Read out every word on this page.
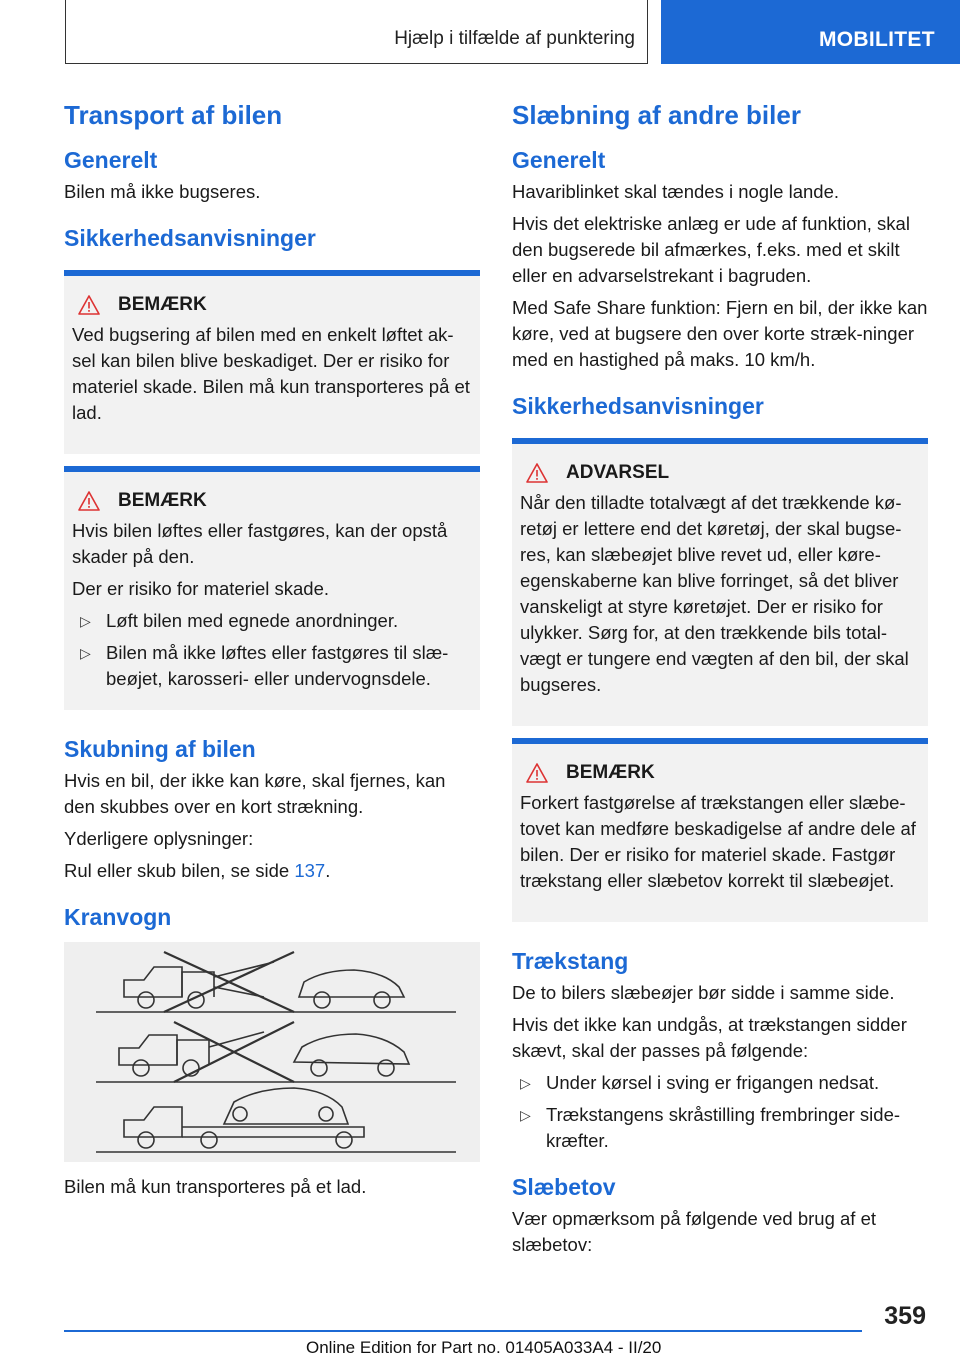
Hjælp i tilfælde af punktering	MOBILITET
Transport af bilen
Generelt

Bilen må ikke bugseres.

Sikkerhedsanvisninger
BEMÆRK

Ved bugsering af bilen med en enkelt løftet ak-sel kan bilen blive beskadiget. Der er risiko for materiel skade. Bilen må kun transporteres på et lad.

BEMÆRK

Hvis bilen løftes eller fastgøres, kan der opstå skader på den.

Der er risiko for materiel skade.

▷ Løft bilen med egnede anordninger.
▷ Bilen må ikke løftes eller fastgøres til slæ-beøjet, karosseri- eller undervognsdele.
Skubning af bilen

Hvis en bil, der ikke kan køre, skal fjernes, kan den skubbes over en kort strækning.

Yderligere oplysninger:

Rul eller skub bilen, se side 137.

Kranvogn

Bilen må kun transporteres på et lad.

Slæbning af andre biler
Generelt

Havariblinket skal tændes i nogle lande.

Hvis det elektriske anlæg er ude af funktion, skal den bugserede bil afmærkes, f.eks. med et skilt eller en advarselstrekant i bagruden.

Med Safe Share funktion: Fjern en bil, der ikke kan køre, ved at bugsere den over korte stræk-ninger med en hastighed på maks. 10 km/h.

Sikkerhedsanvisninger
ADVARSEL

Når den tilladte totalvægt af det trækkende kø-retøj er lettere end det køretøj, der skal bugse-res, kan slæbeøjet blive revet ud, eller køre-egenskaberne kan blive forringet, så det bliver vanskeligt at styre køretøjet. Der er risiko for ulykker. Sørg for, at den trækkende bils total-vægt er tungere end vægten af den bil, der skal bugseres.

BEMÆRK

Forkert fastgørelse af trækstangen eller slæbe-tovet kan medføre beskadigelse af andre dele af bilen. Der er risiko for materiel skade. Fastgør trækstang eller slæbetov korrekt til slæbeøjet.

Trækstang

De to bilers slæbeøjer bør sidde i samme side.

Hvis det ikke kan undgås, at trækstangen sidder skævt, skal der passes på følgende:

▷ Under kørsel i sving er frigangen nedsat.
▷ Trækstangens skråstilling frembringer side-kræfter.
Slæbetov

Vær opmærksom på følgende ved brug af et slæbetov:

359
Online Edition for Part no. 01405A033A4 - II/20
